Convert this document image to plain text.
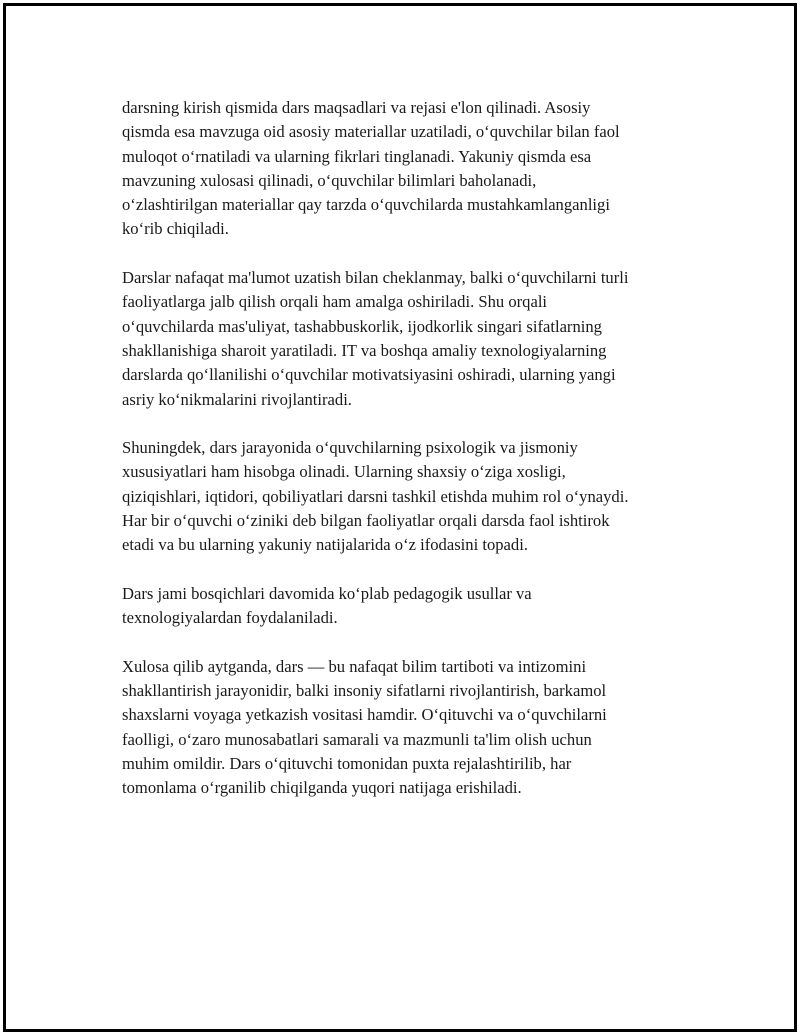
darsning kirish qismida dars maqsadlari va rejasi e'lon qilinadi. Asosiy
qismda esa mavzuga oid asosiy materiallar uzatiladi, o‘quvchilar bilan faol
muloqot o‘rnatiladi va ularning fikrlari tinglanadi. Yakuniy qismda esa
mavzuning xulosasi qilinadi, o‘quvchilar bilimlari baholanadi,
o‘zlashtirilgan materiallar qay tarzda o‘quvchilarda mustahkamlanganligi
ko‘rib chiqiladi.

Darslar nafaqat ma'lumot uzatish bilan cheklanmay, balki o‘quvchilarni turli
faoliyatlarga jalb qilish orqali ham amalga oshiriladi. Shu orqali
o‘quvchilarda mas'uliyat, tashabbuskorlik, ijodkorlik singari sifatlarning
shakllanishiga sharoit yaratiladi. IT va boshqa amaliy texnologiyalarning
darslarda qo‘llanilishi o‘quvchilar motivatsiyasini oshiradi, ularning yangi
asriy ko‘nikmalarini rivojlantiradi.

Shuningdek, dars jarayonida o‘quvchilarning psixologik va jismoniy
xususiyatlari ham hisobga olinadi. Ularning shaxsiy o‘ziga xosligi,
qiziqishlari, iqtidori, qobiliyatlari darsni tashkil etishda muhim rol o‘ynaydi.
Har bir o‘quvchi o‘ziniki deb bilgan faoliyatlar orqali darsda faol ishtirok
etadi va bu ularning yakuniy natijalarida o‘z ifodasini topadi.

Dars jami bosqichlari davomida ko‘plab pedagogik usullar va
texnologiyalardan foydalaniladi.

Xulosa qilib aytganda, dars — bu nafaqat bilim tartiboti va intizomini
shakllantirish jarayonidir, balki insoniy sifatlarni rivojlantirish, barkamol
shaxslarni voyaga yetkazish vositasi hamdir. O‘qituvchi va o‘quvchilarni
faolligi, o‘zaro munosabatlari samarali va mazmunli ta'lim olish uchun
muhim omildir. Dars o‘qituvchi tomonidan puxta rejalashtirilib, har
tomonlama o‘rganilib chiqilganda yuqori natijaga erishiladi.
